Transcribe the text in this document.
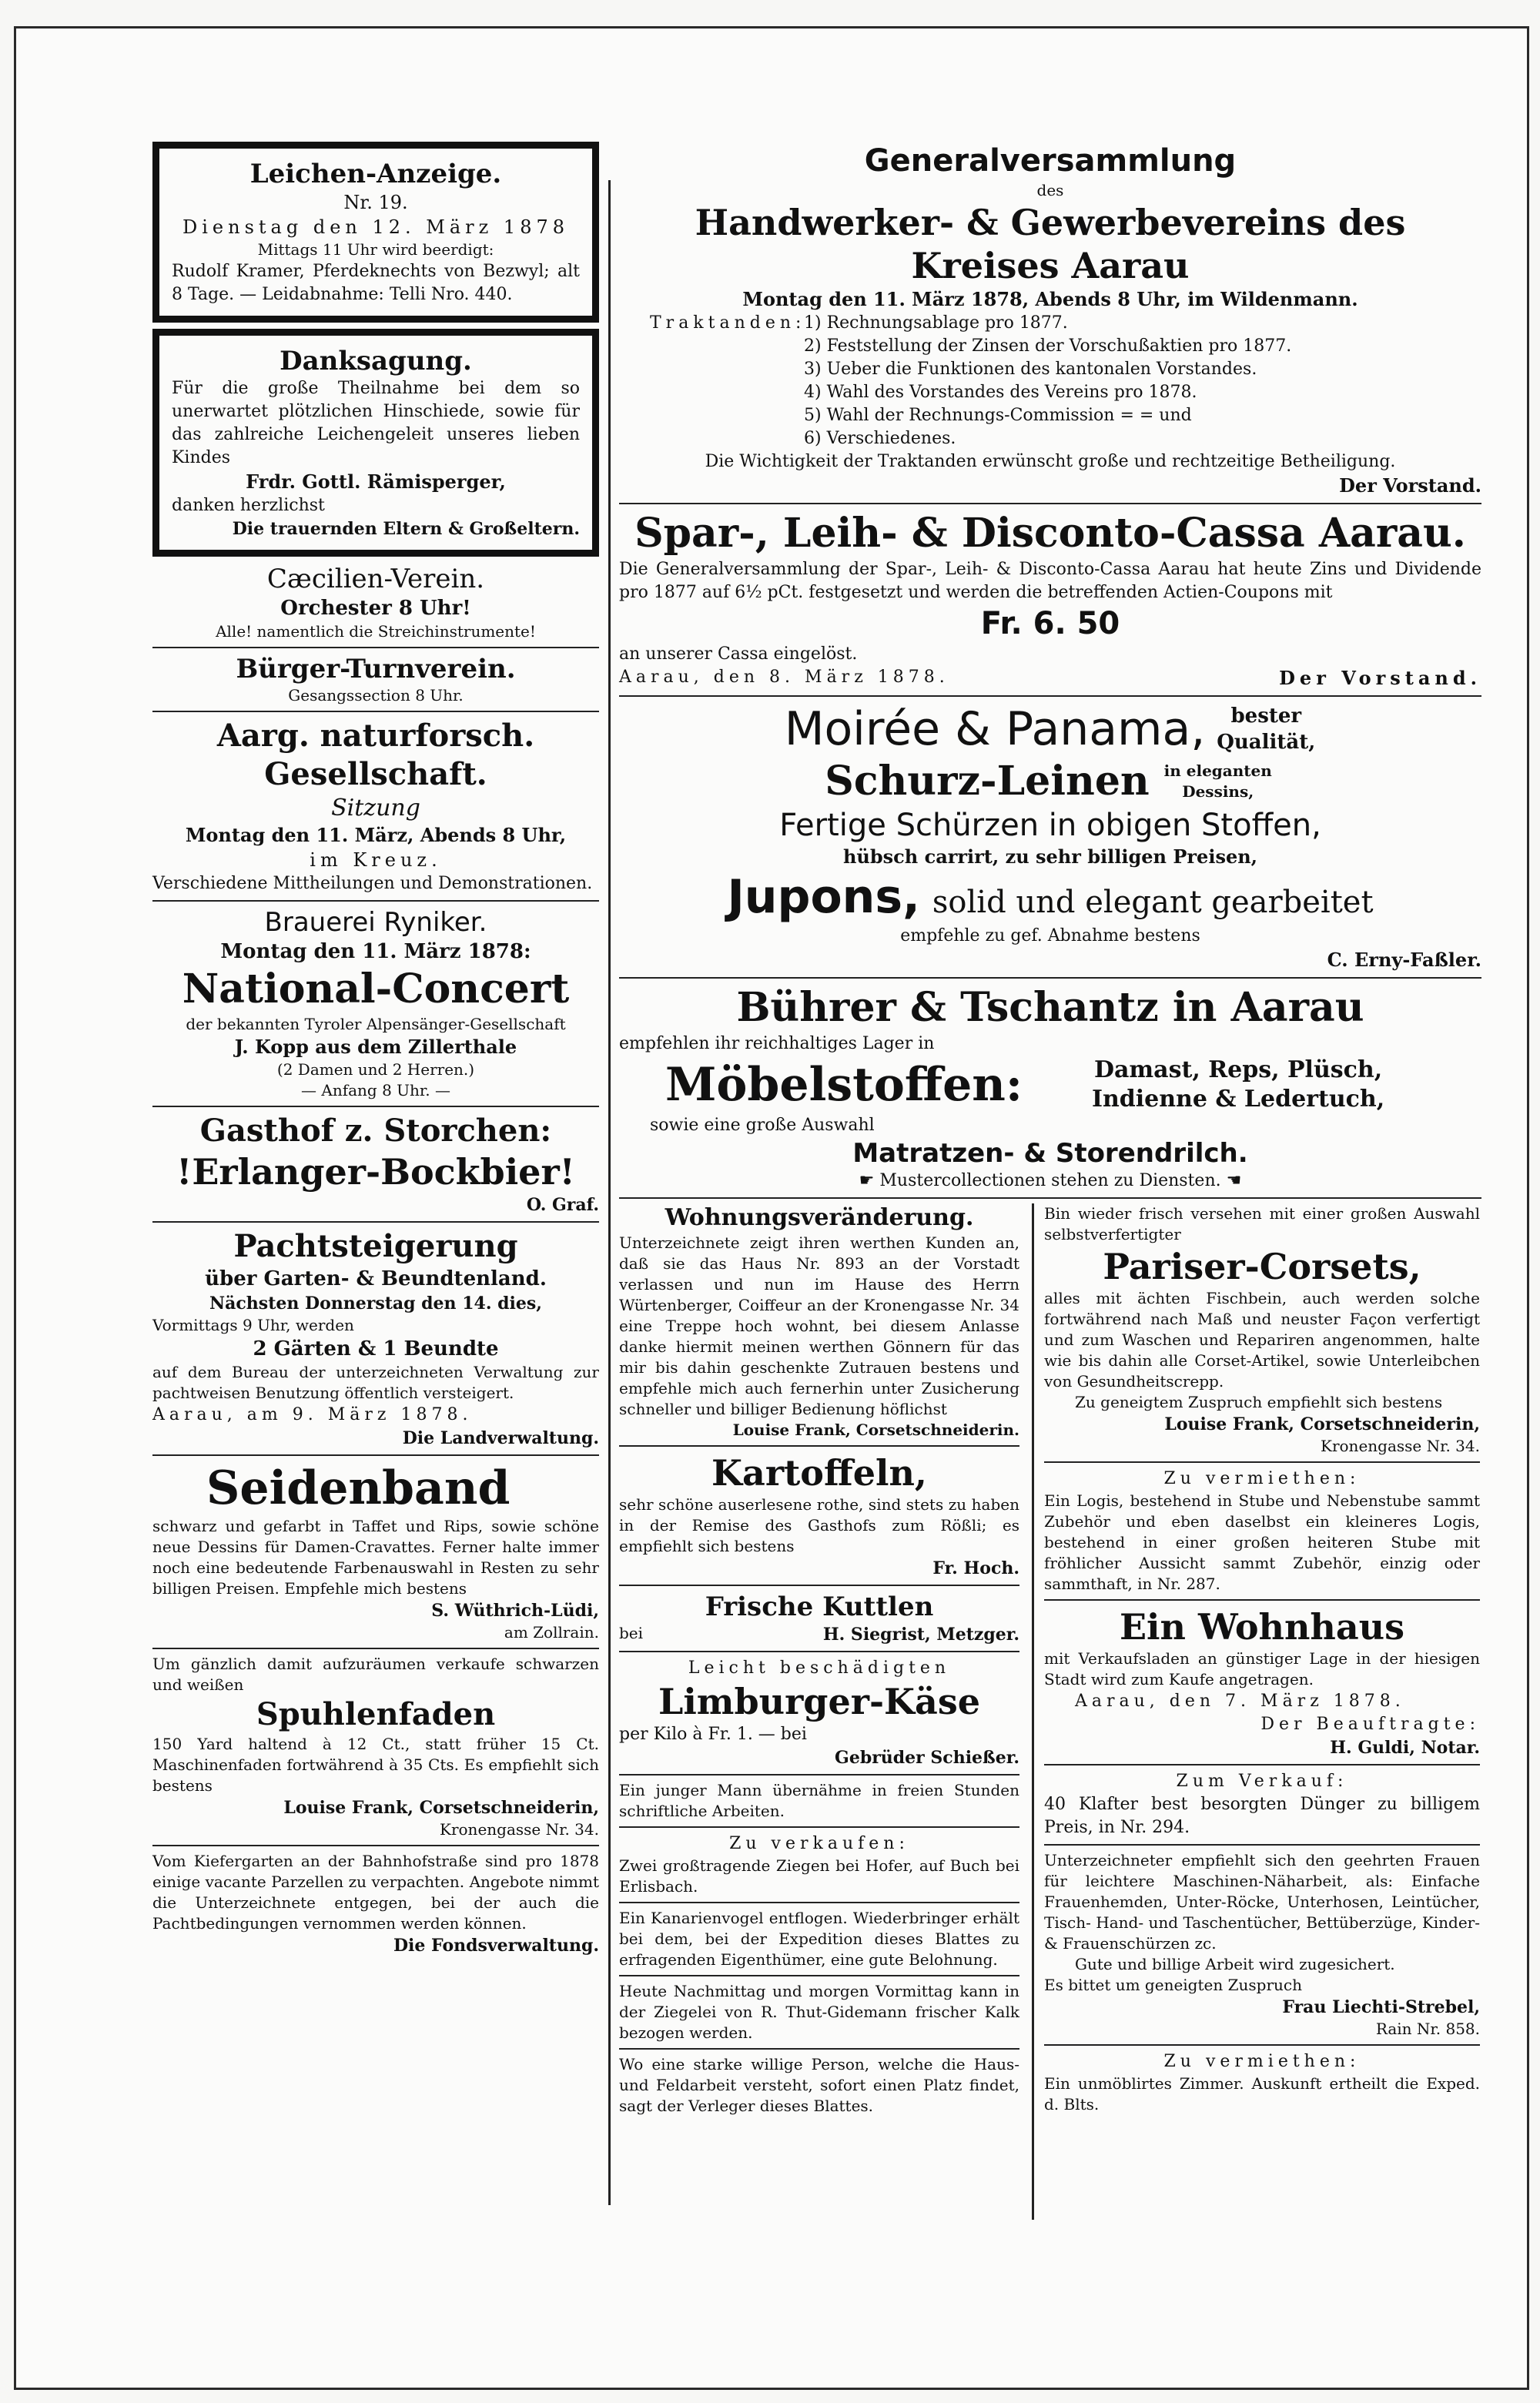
Leichen-Anzeige.

Nr. 19.

Dienstag den 12. März 1878

Mittags 11 Uhr wird beerdigt:

Rudolf Kramer, Pferdeknechts von Bezwyl; alt 8 Tage. — Leidabnahme: Telli Nro. 440.

Danksagung.

Für die große Theilnahme bei dem so unerwartet plötzlichen Hinschiede, sowie für das zahlreiche Leichengeleit unseres lieben Kindes

Frdr. Gottl. Rämisperger,

danken herzlichst

Die trauernden Eltern & Großeltern.

Cæcilien-Verein.

Orchester 8 Uhr!

Alle! namentlich die Streichinstrumente!

Bürger-Turnverein.

Gesangssection 8 Uhr.

Aarg. naturforsch. Gesellschaft.

Sitzung

Montag den 11. März, Abends 8 Uhr,

im Kreuz.

Verschiedene Mittheilungen und Demonstrationen.

Brauerei Ryniker.

Montag den 11. März 1878:

National-Concert

der bekannten Tyroler Alpensänger-Gesellschaft

J. Kopp aus dem Zillerthale

(2 Damen und 2 Herren.)

— Anfang 8 Uhr. —

Gasthof z. Storchen:

!Erlanger-Bockbier!

O. Graf.

Pachtsteigerung

über Garten- & Beundtenland.

Nächsten Donnerstag den 14. dies,

Vormittags 9 Uhr, werden

2 Gärten & 1 Beundte

auf dem Bureau der unterzeichneten Verwaltung zur pachtweisen Benutzung öffentlich versteigert.

Aarau, am 9. März 1878.

Die Landverwaltung.

Seidenband

schwarz und gefarbt in Taffet und Rips, sowie schöne neue Dessins für Damen-Cravattes. Ferner halte immer noch eine bedeutende Farbenauswahl in Resten zu sehr billigen Preisen. Empfehle mich bestens

S. Wüthrich-Lüdi,

am Zollrain.

Um gänzlich damit aufzuräumen verkaufe schwarzen und weißen

Spuhlenfaden

150 Yard haltend à 12 Ct., statt früher 15 Ct. Maschinenfaden fortwährend à 35 Cts. Es empfiehlt sich bestens

Louise Frank, Corsetschneiderin,

Kronengasse Nr. 34.

Vom Kiefergarten an der Bahnhofstraße sind pro 1878 einige vacante Parzellen zu verpachten. Angebote nimmt die Unterzeichnete entgegen, bei der auch die Pachtbedingungen vernommen werden können.

Die Fondsverwaltung.

Generalversammlung

des

Handwerker- & Gewerbevereins des Kreises Aarau

Montag den 11. März 1878, Abends 8 Uhr, im Wildenmann.

Traktanden:

1) Rechnungsablage pro 1877.

2) Feststellung der Zinsen der Vorschußaktien pro 1877.

3) Ueber die Funktionen des kantonalen Vorstandes.

4) Wahl des Vorstandes des Vereins pro 1878.

5) Wahl der Rechnungs-Commission = = und

6) Verschiedenes.

Die Wichtigkeit der Traktanden erwünscht große und rechtzeitige Betheiligung.

Der Vorstand.

Spar-, Leih- & Disconto-Cassa Aarau.

Die Generalversammlung der Spar-, Leih- & Disconto-Cassa Aarau hat heute Zins und Dividende pro 1877 auf 6½ pCt. festgesetzt und werden die betreffenden Actien-Coupons mit

Fr. 6. 50

an unserer Cassa eingelöst.

Aarau, den 8. März 1878.	Der Vorstand.
Moirée & Panama,	bester Qualität,
Schurz-Leinen in eleganten Dessins,

Fertige Schürzen in obigen Stoffen,

hübsch carrirt, zu sehr billigen Preisen,

Jupons, solid und elegant gearbeitet

empfehle zu gef. Abnahme bestens

C. Erny-Faßler.

Bührer & Tschantz in Aarau

empfehlen ihr reichhaltiges Lager in

Möbelstoffen:	Damast, Reps, Plüsch, Indienne & Ledertuch,

sowie eine große Auswahl

Matratzen- & Storendrilch.

☛ Mustercollectionen stehen zu Diensten. ☚

Wohnungsveränderung.

Unterzeichnete zeigt ihren werthen Kunden an, daß sie das Haus Nr. 893 an der Vorstadt verlassen und nun im Hause des Herrn Würtenberger, Coiffeur an der Kronengasse Nr. 34 eine Treppe hoch wohnt, bei diesem Anlasse danke hiermit meinen werthen Gönnern für das mir bis dahin geschenkte Zutrauen bestens und empfehle mich auch fernerhin unter Zusicherung schneller und billiger Bedienung höflichst

Louise Frank, Corsetschneiderin.

Kartoffeln,

sehr schöne auserlesene rothe, sind stets zu haben in der Remise des Gasthofs zum Rößli; es empfiehlt sich bestens

Fr. Hoch.

Frische Kuttlen

bei	H. Siegrist, Metzger.

Leicht beschädigten

Limburger-Käse

per Kilo à Fr. 1. — bei

Gebrüder Schießer.

Ein junger Mann übernähme in freien Stunden schriftliche Arbeiten.

Zu verkaufen:

Zwei großtragende Ziegen bei Hofer, auf Buch bei Erlisbach.

Ein Kanarienvogel entflogen. Wiederbringer erhält bei dem, bei der Expedition dieses Blattes zu erfragenden Eigenthümer, eine gute Belohnung.

Heute Nachmittag und morgen Vormittag kann in der Ziegelei von R. Thut-Gidemann frischer Kalk bezogen werden.

Wo eine starke willige Person, welche die Haus- und Feldarbeit versteht, sofort einen Platz findet, sagt der Verleger dieses Blattes.

Bin wieder frisch versehen mit einer großen Auswahl selbstverfertigter

Pariser-Corsets,

alles mit ächten Fischbein, auch werden solche fortwährend nach Maß und neuster Façon verfertigt und zum Waschen und Repariren angenommen, halte wie bis dahin alle Corset-Artikel, sowie Unterleibchen von Gesundheitscrepp.

Zu geneigtem Zuspruch empfiehlt sich bestens

Louise Frank, Corsetschneiderin,

Kronengasse Nr. 34.

Zu vermiethen:

Ein Logis, bestehend in Stube und Nebenstube sammt Zubehör und eben daselbst ein kleineres Logis, bestehend in einer großen heiteren Stube mit fröhlicher Aussicht sammt Zubehör, einzig oder sammthaft, in Nr. 287.

Ein Wohnhaus

mit Verkaufsladen an günstiger Lage in der hiesigen Stadt wird zum Kaufe angetragen.

Aarau, den 7. März 1878.

Der Beauftragte:

H. Guldi, Notar.

Zum Verkauf:

40 Klafter best besorgten Dünger zu billigem Preis, in Nr. 294.

Unterzeichneter empfiehlt sich den geehrten Frauen für leichtere Maschinen-Näharbeit, als: Einfache Frauenhemden, Unter-Röcke, Unterhosen, Leintücher, Tisch- Hand- und Taschentücher, Bettüberzüge, Kinder- & Frauenschürzen zc.

Gute und billige Arbeit wird zugesichert.

Es bittet um geneigten Zuspruch

Frau Liechti-Strebel,

Rain Nr. 858.

Zu vermiethen:

Ein unmöblirtes Zimmer. Auskunft ertheilt die Exped. d. Blts.
